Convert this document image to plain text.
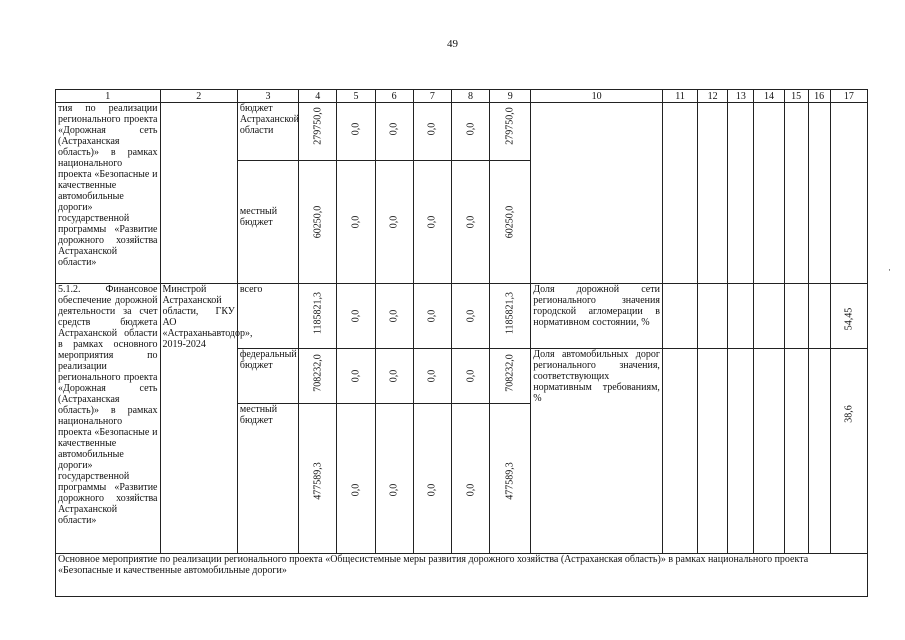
49
·
1	2	3	4	5	6	7	8	9	10	11	12	13	14	15	16	17
тия по реализации регионального проекта «Дорожная сеть (Астраханская область)» в рамках национального проекта «Безопасные и качественные автомобильные дороги» государственной программы «Развитие дорожного хозяйства Астраханской области»		бюджет Астраханской области	279750,0	0,0	0,0	0,0	0,0	279750,0								

		местный бюджет	60250,0	0,0	0,0	0,0	0,0	60250,0								

5.1.2. Финансовое обеспечение дорожной деятельности за счет средств бюджета Астраханской области в рамках основного мероприятия по реализации регионального проекта «Дорожная сеть (Астраханская область)» в рамках национального проекта «Безопасные и качественные автомобильные дороги» государственной программы «Развитие дорожного хозяйства Астраханской области»	Минстрой Астраханской области, ГКУ АО «Астраханьавтодор», 2019-2024	всего	1185821,3	0,0	0,0	0,0	0,0	1185821,3	Доля дорожной сети регионального значения городской агломерации в нормативном состоянии, %							54,45

		федеральный бюджет	708232,0	0,0	0,0	0,0	0,0	708232,0	Доля автомобильных дорог регионального значения, соответствующих нормативным требованиям, %							38,6

		местный бюджет	477589,3	0,0	0,0	0,0	0,0	477589,3								

Основное мероприятие по реализации регионального проекта «Общесистемные меры развития дорожного хозяйства (Астраханская область)» в рамках национального проекта «Безопасные и качественные автомобильные дороги»																
